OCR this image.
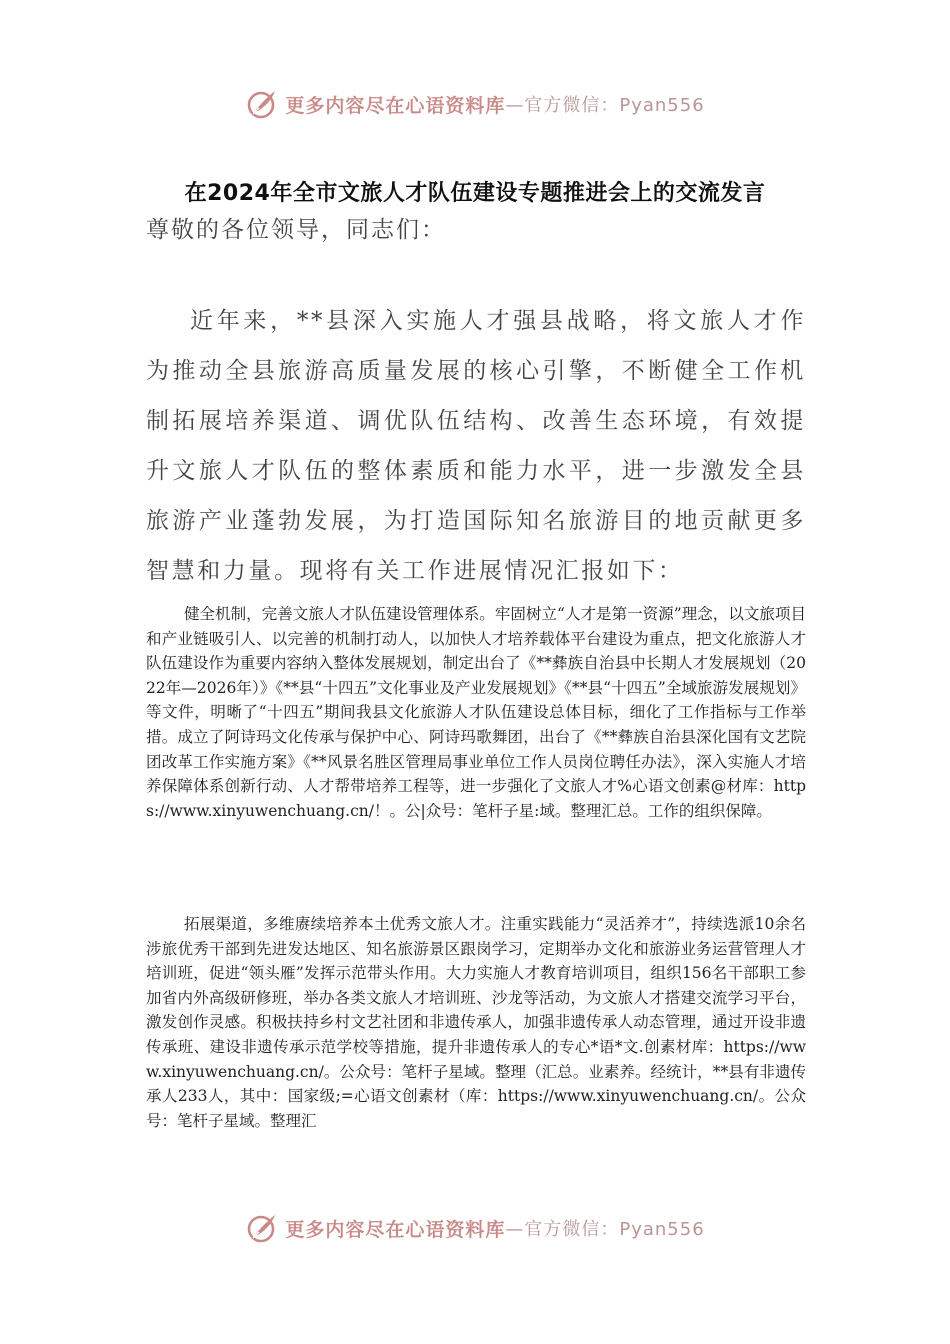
更多内容尽在心语资料库 —官方微信：Pyan556
在2024年全市文旅人才队伍建设专题推进会上的交流发言
尊敬的各位领导，同志们：

近年来，**县深入实施人才强县战略，将文旅人才作为推动全县旅游高质量发展的核心引擎，不断健全工作机制拓展培养渠道、调优队伍结构、改善生态环境，有效提升文旅人才队伍的整体素质和能力水平，进一步激发全县旅游产业蓬勃发展，为打造国际知名旅游目的地贡献更多智慧和力量。现将有关工作进展情况汇报如下：

健全机制，完善文旅人才队伍建设管理体系。牢固树立“人才是第一资源”理念，以文旅项目和产业链吸引人、以完善的机制打动人，以加快人才培养载体平台建设为重点，把文化旅游人才队伍建设作为重要内容纳入整体发展规划，制定出台了《**彝族自治县中长期人才发展规划（2022年—2026年）》《**县“十四五”文化事业及产业发展规划》《**县“十四五”全域旅游发展规划》等文件，明晰了“十四五”期间我县文化旅游人才队伍建设总体目标，细化了工作指标与工作举措。成立了阿诗玛文化传承与保护中心、阿诗玛歌舞团，出台了《**彝族自治县深化国有文艺院团改革工作实施方案》《**风景名胜区管理局事业单位工作人员岗位聘任办法》，深入实施人才培养保障体系创新行动、人才帮带培养工程等，进一步强化了文旅人才%心语文创素@材库：https://www.xinyuwenchuang.cn/！。公|众号：笔杆子星:域。整理汇总。工作的组织保障。

拓展渠道，多维赓续培养本土优秀文旅人才。注重实践能力“灵活养才”，持续选派10余名涉旅优秀干部到先进发达地区、知名旅游景区跟岗学习，定期举办文化和旅游业务运营管理人才培训班，促进“领头雁”发挥示范带头作用。大力实施人才教育培训项目，组织156名干部职工参加省内外高级研修班，举办各类文旅人才培训班、沙龙等活动，为文旅人才搭建交流学习平台，激发创作灵感。积极扶持乡村文艺社团和非遗传承人，加强非遗传承人动态管理，通过开设非遗传承班、建设非遗传承示范学校等措施，提升非遗传承人的专心*语*文.创素材库：https://www.xinyuwenchuang.cn/。公众号：笔杆子星域。整理（汇总。业素养。经统计，**县有非遗传承人233人，其中：国家级;=心语文创素材（库：https://www.xinyuwenchuang.cn/。公众号：笔杆子星域。整理汇

更多内容尽在心语资料库 —官方微信：Pyan556
